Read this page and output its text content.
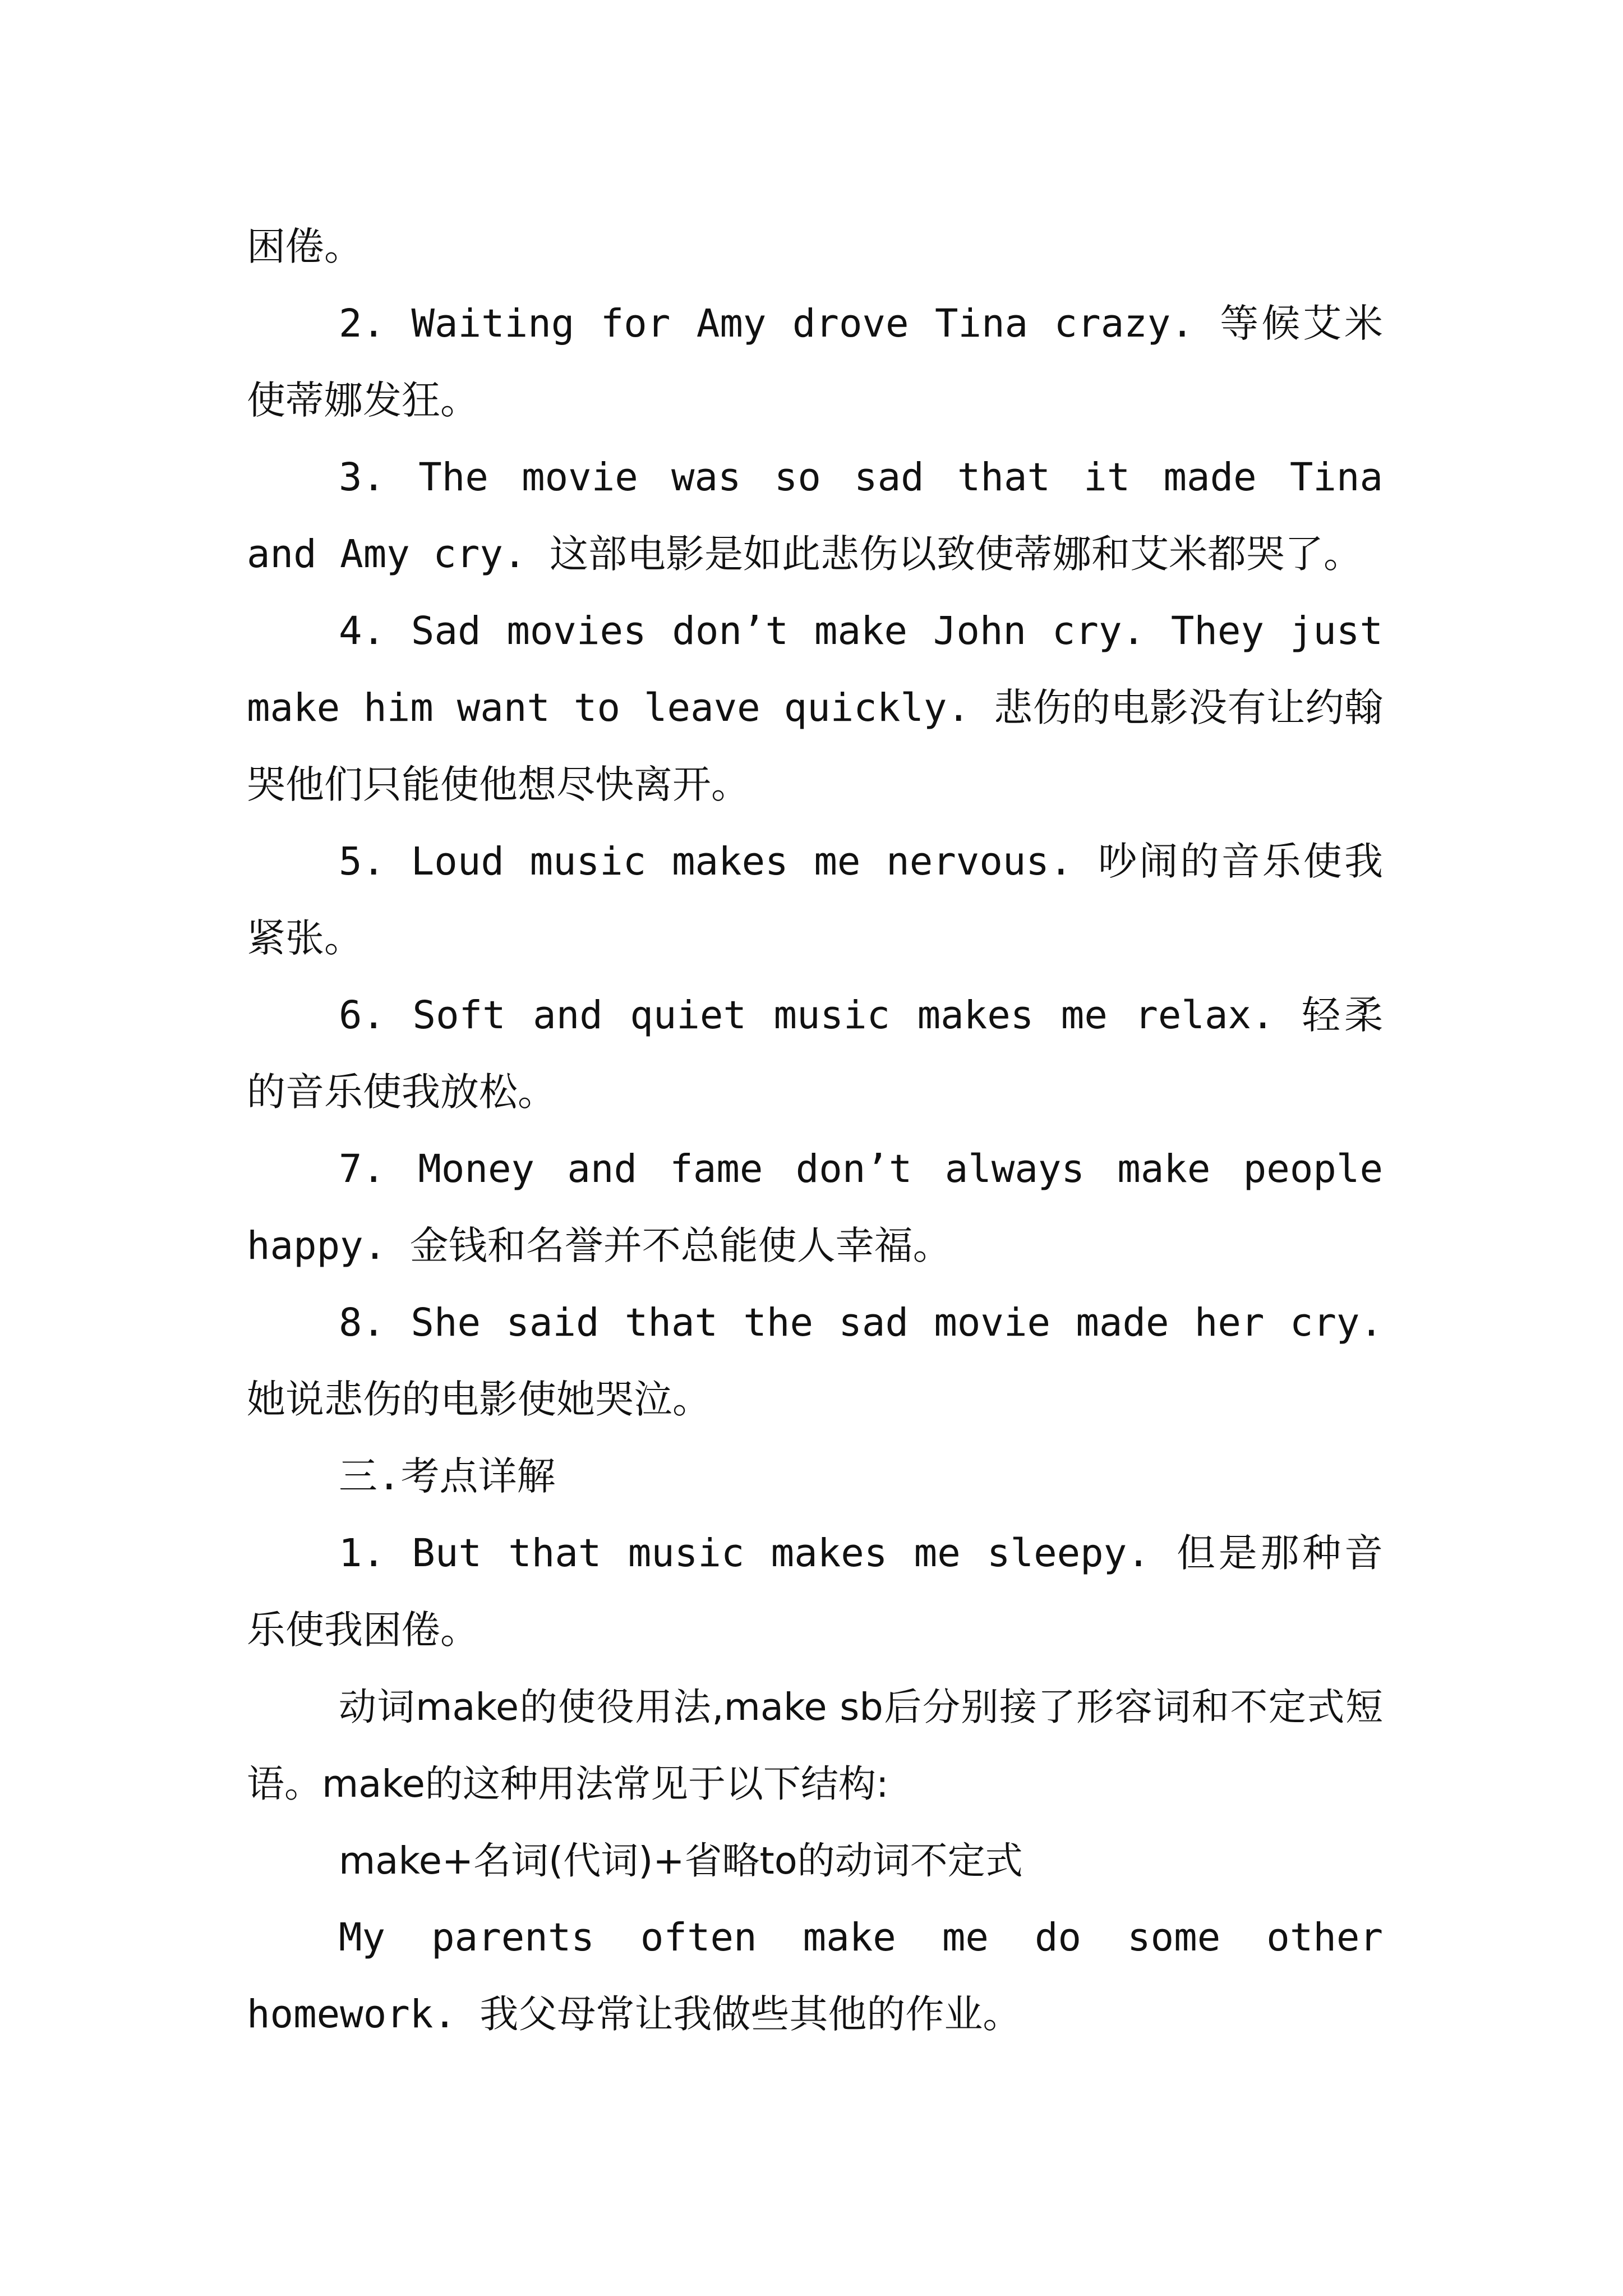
困倦。

2. Waiting for Amy drove Tina crazy. 等候艾米使蒂娜发狂。

3. The movie was so sad that it made Tina and Amy cry. 这部电影是如此悲伤以致使蒂娜和艾米都哭了。

4. Sad movies don’t make John cry. They just make him want to leave quickly. 悲伤的电影没有让约翰哭他们只能使他想尽快离开。

5. Loud music makes me nervous. 吵闹的音乐使我紧张。

6. Soft and quiet music makes me relax. 轻柔的音乐使我放松。

7. Money and fame don’t always make people happy. 金钱和名誉并不总能使人幸福。

8. She said that the sad movie made her cry. 她说悲伤的电影使她哭泣。

三.考点详解

1. But that music makes me sleepy. 但是那种音乐使我困倦。

动词make的使役用法,make sb后分别接了形容词和不定式短语。make的这种用法常见于以下结构:

make+名词(代词)+省略to的动词不定式

My parents often make me do some other homework. 我父母常让我做些其他的作业。
